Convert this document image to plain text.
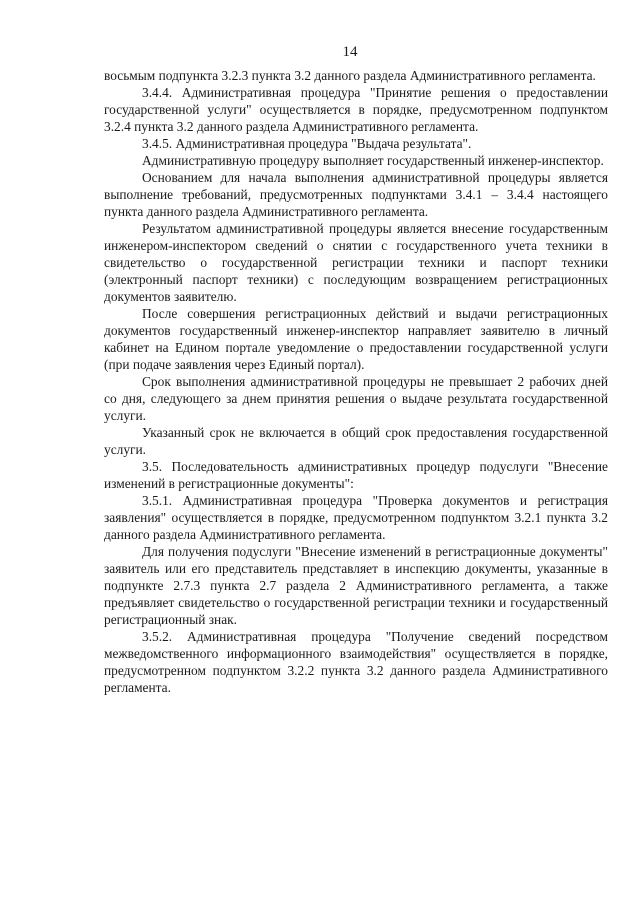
14

восьмым подпункта 3.2.3 пункта 3.2 данного раздела Административного регламента.

3.4.4. Административная процедура "Принятие решения о предоставлении государственной услуги" осуществляется в порядке, предусмотренном подпунктом 3.2.4 пункта 3.2 данного раздела Административного регламента.

3.4.5. Административная процедура "Выдача результата".

Административную процедуру выполняет государственный инженер-инспектор.

Основанием для начала выполнения административной процедуры является выполнение требований, предусмотренных подпунктами 3.4.1 – 3.4.4 настоящего пункта данного раздела Административного регламента.

Результатом административной процедуры является внесение государственным инженером-инспектором сведений о снятии с государственного учета техники в свидетельство о государственной регистрации техники и паспорт техники (электронный паспорт техники) с последующим возвращением регистрационных документов заявителю.

После совершения регистрационных действий и выдачи регистрационных документов государственный инженер-инспектор направляет заявителю в личный кабинет на Едином портале уведомление о предоставлении государственной услуги (при подаче заявления через Единый портал).

Срок выполнения административной процедуры не превышает 2 рабочих дней со дня, следующего за днем принятия решения о выдаче результата государственной услуги.

Указанный срок не включается в общий срок предоставления государственной услуги.

3.5. Последовательность административных процедур подуслуги "Внесение изменений в регистрационные документы":

3.5.1. Административная процедура "Проверка документов и регистрация заявления" осуществляется в порядке, предусмотренном подпунктом 3.2.1 пункта 3.2 данного раздела Административного регламента.

Для получения подуслуги "Внесение изменений в регистрационные документы" заявитель или его представитель представляет в инспекцию документы, указанные в подпункте 2.7.3 пункта 2.7 раздела 2 Административного регламента, а также предъявляет свидетельство о государственной регистрации техники и государственный регистрационный знак.

3.5.2. Административная процедура "Получение сведений посредством межведомственного информационного взаимодействия" осуществляется в порядке, предусмотренном подпунктом 3.2.2 пункта 3.2 данного раздела Административного регламента.
